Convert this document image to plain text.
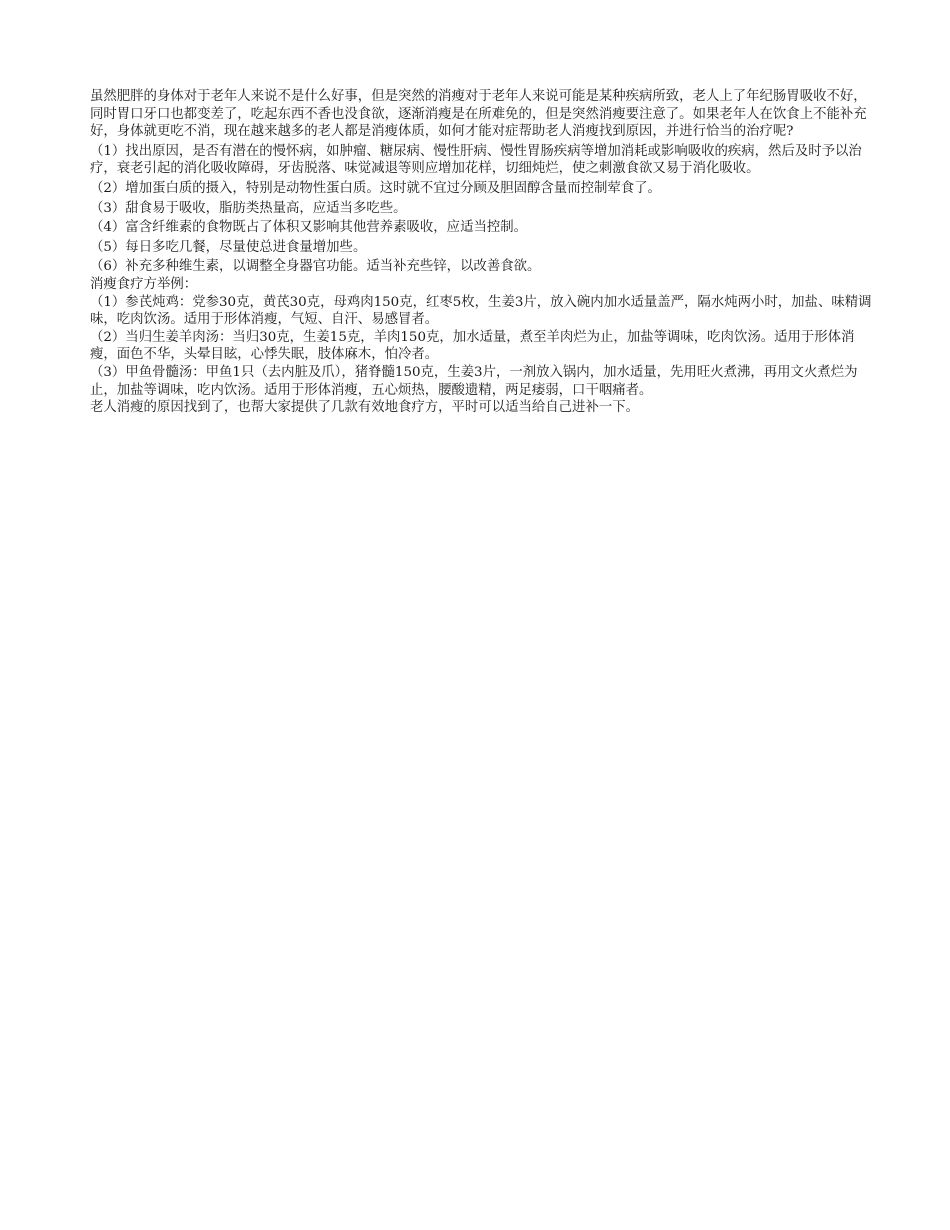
虽然肥胖的身体对于老年人来说不是什么好事，但是突然的消瘦对于老年人来说可能是某种疾病所致，老人上了年纪肠胃吸收不好，同时胃口牙口也都变差了，吃起东西不香也没食欲，逐渐消瘦是在所难免的，但是突然消瘦要注意了。如果老年人在饮食上不能补充好，身体就更吃不消，现在越来越多的老人都是消瘦体质，如何才能对症帮助老人消瘦找到原因，并进行恰当的治疗呢?

（1）找出原因，是否有潜在的慢怀病，如肿瘤、糖尿病、慢性肝病、慢性胃肠疾病等增加消耗或影响吸收的疾病，然后及时予以治疗，衰老引起的消化吸收障碍，牙齿脱落、味觉减退等则应增加花样，切细炖烂，使之刺激食欲又易于消化吸收。

（2）增加蛋白质的摄入，特别是动物性蛋白质。这时就不宜过分顾及胆固醇含量而控制荤食了。

（3）甜食易于吸收，脂肪类热量高，应适当多吃些。

（4）富含纤维素的食物既占了体积又影响其他营养素吸收，应适当控制。

（5）每日多吃几餐，尽量使总进食量增加些。

（6）补充多种维生素，以调整全身器官功能。适当补充些锌，以改善食欲。

消瘦食疗方举例：

（1）参芪炖鸡：党参30克，黄芪30克，母鸡肉150克，红枣5枚，生姜3片，放入碗内加水适量盖严，隔水炖两小时，加盐、味精调味，吃肉饮汤。适用于形体消瘦，气短、自汗、易感冒者。

（2）当归生姜羊肉汤：当归30克，生姜15克，羊肉150克，加水适量，煮至羊肉烂为止，加盐等调味，吃肉饮汤。适用于形体消瘦，面色不华，头晕目眩，心悸失眠，肢体麻木，怕冷者。

（3）甲鱼骨髓汤：甲鱼1只（去内脏及爪），猪脊髓150克，生姜3片，一剂放入锅内，加水适量，先用旺火煮沸，再用文火煮烂为止，加盐等调味，吃内饮汤。适用于形体消瘦，五心烦热，腰酸遗精，两足痿弱，口干咽痛者。

老人消瘦的原因找到了，也帮大家提供了几款有效地食疗方，平时可以适当给自己进补一下。
